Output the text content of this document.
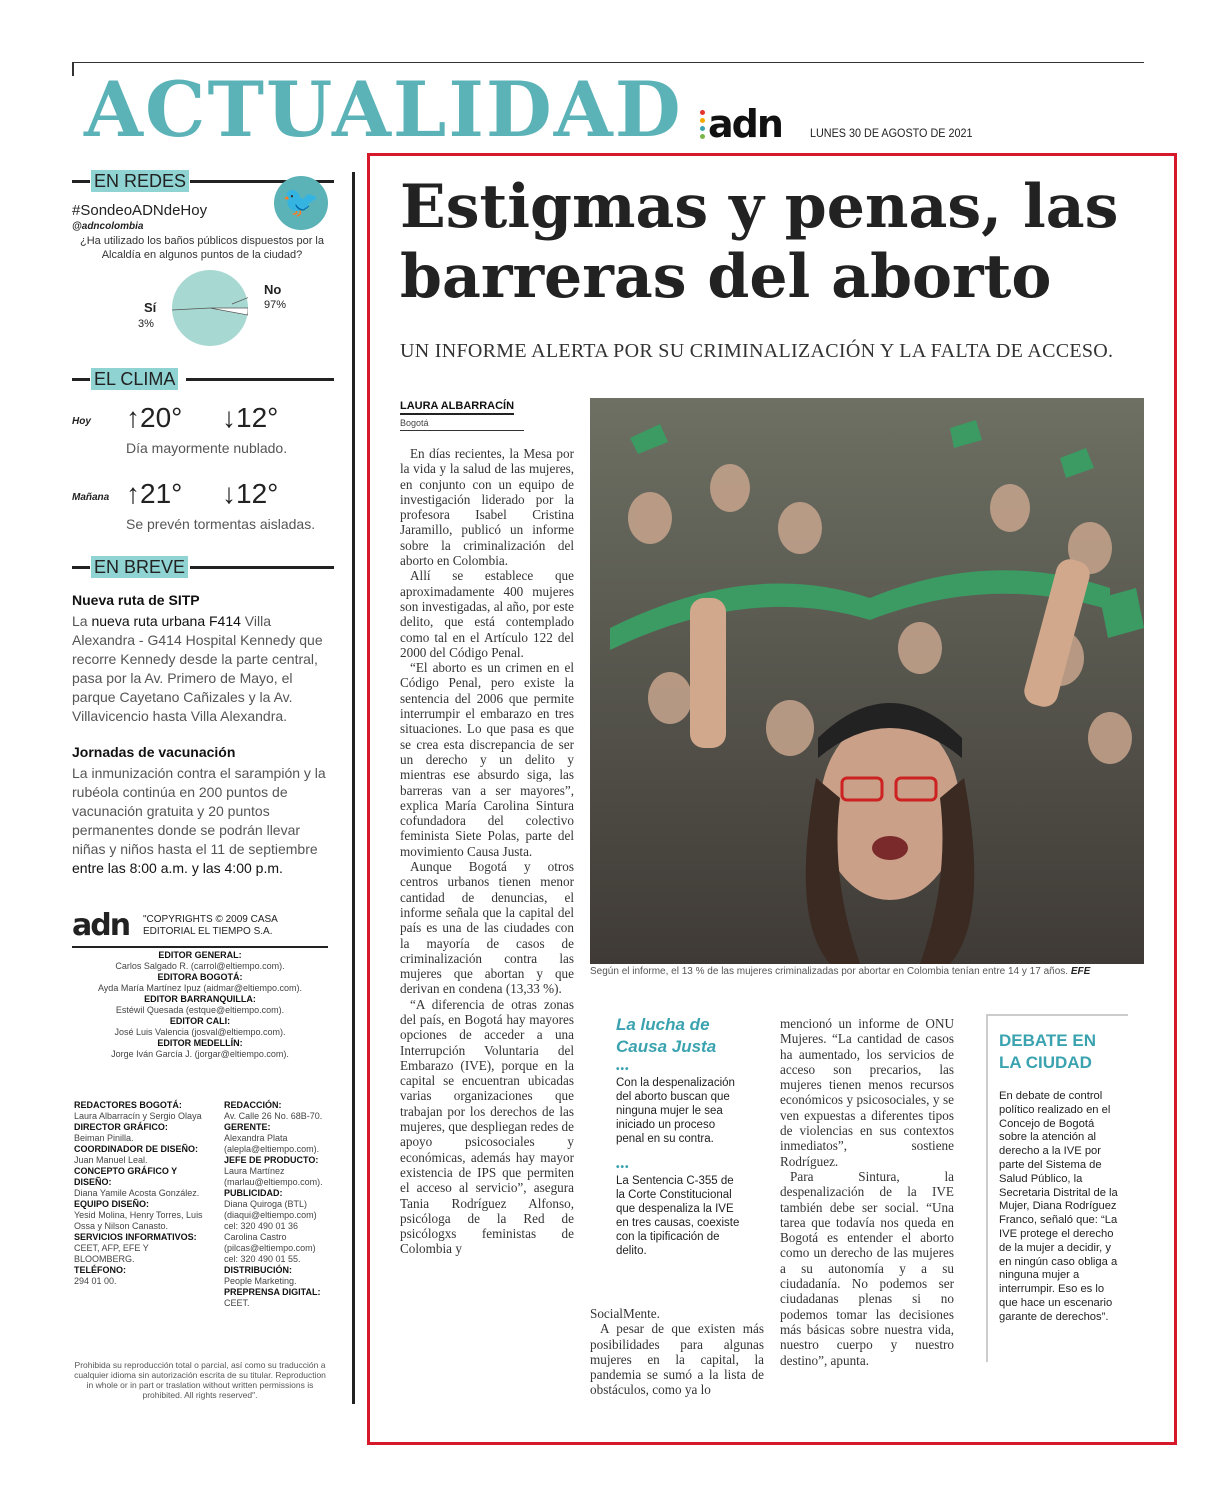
ACTUALIDAD adn LUNES 30 DE AGOSTO DE 2021
EN REDES
🐦
#SondeoADNdeHoy
@adncolombia
¿Ha utilizado los baños públicos dispuestos por la Alcaldía en algunos puntos de la ciudad?
Sí
3%
No
97%
EL CLIMA
Hoy ↑20° ↓12°
Día mayormente nublado.
Mañana ↑21° ↓12°
Se prevén tormentas aisladas.
EN BREVE
Nueva ruta de SITP
La nueva ruta urbana F414 Villa Alexandra - G414 Hospital Kennedy que recorre Kennedy desde la parte central, pasa por la Av. Primero de Mayo, el parque Cayetano Cañizales y la Av. Villavicencio hasta Villa Alexandra.
Jornadas de vacunación
La inmunización contra el sarampión y la rubéola continúa en 200 puntos de vacunación gratuita y 20 puntos permanentes donde se podrán llevar niñas y niños hasta el 11 de septiembre entre las 8:00 a.m. y las 4:00 p.m.
adn "COPYRIGHTS © 2009 CASA EDITORIAL EL TIEMPO S.A.
EDITOR GENERAL:
Carlos Salgado R. (carrol@eltiempo.com).
EDITORA BOGOTÁ:
Ayda María Martínez Ipuz (aidmar@eltiempo.com).
EDITOR BARRANQUILLA:
Estéwil Quesada (estque@eltiempo.com).
EDITOR CALI:
José Luis Valencia (josval@eltiempo.com).
EDITOR MEDELLÍN:
Jorge Iván García J. (jorgar@eltiempo.com).
REDACTORES BOGOTÁ:
Laura Albarracín y Sergio Olaya
DIRECTOR GRÁFICO:
Beiman Pinilla.
COORDINADOR DE DISEÑO:
Juan Manuel Leal.
CONCEPTO GRÁFICO Y DISEÑO:
Diana Yamile Acosta González.
EQUIPO DISEÑO:
Yesid Molina, Henry Torres, Luis Ossa y Nilson Canasto.
SERVICIOS INFORMATIVOS:
CEET, AFP, EFE Y BLOOMBERG.
TELÉFONO:
294 01 00.
REDACCIÓN:
Av. Calle 26 No. 68B-70.
GERENTE:
Alexandra Plata (aleplа@eltiempo.com).
JEFE DE PRODUCTO:
Laura Martínez (marlau@eltiempo.com).
PUBLICIDAD:
Diana Quiroga (BTL) (diaqui@eltiempo.com) cel: 320 490 01 36 Carolina Castro (pilcas@eltiempo.com) cel: 320 490 01 55.
DISTRIBUCIÓN:
People Marketing.
PREPRENSA DIGITAL:
CEET.
Prohibida su reproducción total o parcial, así como su traducción a cualquier idioma sin autorización escrita de su titular. Reproduction in whole or in part or traslation without written permissions is prohibited. All rights reserved".
Estigmas y penas, las barreras del aborto
UN INFORME ALERTA POR SU CRIMINALIZACIÓN Y LA FALTA DE ACCESO.
LAURA ALBARRACÍN
Bogotá

En días recientes, la Mesa por la vida y la salud de las mujeres, en conjunto con un equipo de investigación liderado por la profesora Isabel Cristina Jaramillo, publicó un informe sobre la criminalización del aborto en Colombia.

Allí se establece que aproximadamente 400 mujeres son investigadas, al año, por este delito, que está contemplado como tal en el Artículo 122 del 2000 del Código Penal.

“El aborto es un crimen en el Código Penal, pero existe la sentencia del 2006 que permite interrumpir el embarazo en tres situaciones. Lo que pasa es que se crea esta discrepancia de ser un derecho y un delito y mientras ese absurdo siga, las barreras van a ser mayores”, explica María Carolina Sintura cofundadora del colectivo feminista Siete Polas, parte del movimiento Causa Justa.

Aunque Bogotá y otros centros urbanos tienen menor cantidad de denuncias, el informe señala que la capital del país es una de las ciudades con la mayoría de casos de criminalización contra las mujeres que abortan y que derivan en condena (13,33 %).

“A diferencia de otras zonas del país, en Bogotá hay mayores opciones de acceder a una Interrupción Voluntaria del Embarazo (IVE), porque en la capital se encuentran ubicadas varias organizaciones que trabajan por los derechos de las mujeres, que despliegan redes de apoyo psicosociales y económicas, además hay mayor existencia de IPS que permiten el acceso al servicio”, asegura Tania Rodríguez Alfonso, psicóloga de la Red de psicólogxs feministas de Colombia y

Según el informe, el 13 % de las mujeres criminalizadas por abortar en Colombia tenían entre 14 y 17 años. EFE
La lucha de Causa Justa
•••
Con la despenalización del aborto buscan que ninguna mujer le sea iniciado un proceso penal en su contra.
•••
La Sentencia C-355 de la Corte Constitucional que despenaliza la IVE en tres causas, coexiste con la tipificación de delito.
SocialMente.

A pesar de que existen más posibilidades para algunas mujeres en la capital, la pandemia se sumó a la lista de obstáculos, como ya lo

mencionó un informe de ONU Mujeres. “La cantidad de casos ha aumentado, los servicios de acceso son precarios, las mujeres tienen menos recursos económicos y psicosociales, y se ven expuestas a diferentes tipos de violencias en sus contextos inmediatos”, sostiene Rodríguez.

Para Sintura, la despenalización de la IVE también debe ser social. “Una tarea que todavía nos queda en Bogotá es entender el aborto como un derecho de las mujeres a su autonomía y a su ciudadanía. No podemos ser ciudadanas plenas si no podemos tomar las decisiones más básicas sobre nuestra vida, nuestro cuerpo y nuestro destino”, apunta.

DEBATE EN LA CIUDAD
En debate de control político realizado en el Concejo de Bogotá sobre la atención al derecho a la IVE por parte del Sistema de Salud Público, la Secretaria Distrital de la Mujer, Diana Rodríguez Franco, señaló que: “La IVE protege el derecho de la mujer a decidir, y en ningún caso obliga a ninguna mujer a interrumpir. Eso es lo que hace un escenario garante de derechos”.
